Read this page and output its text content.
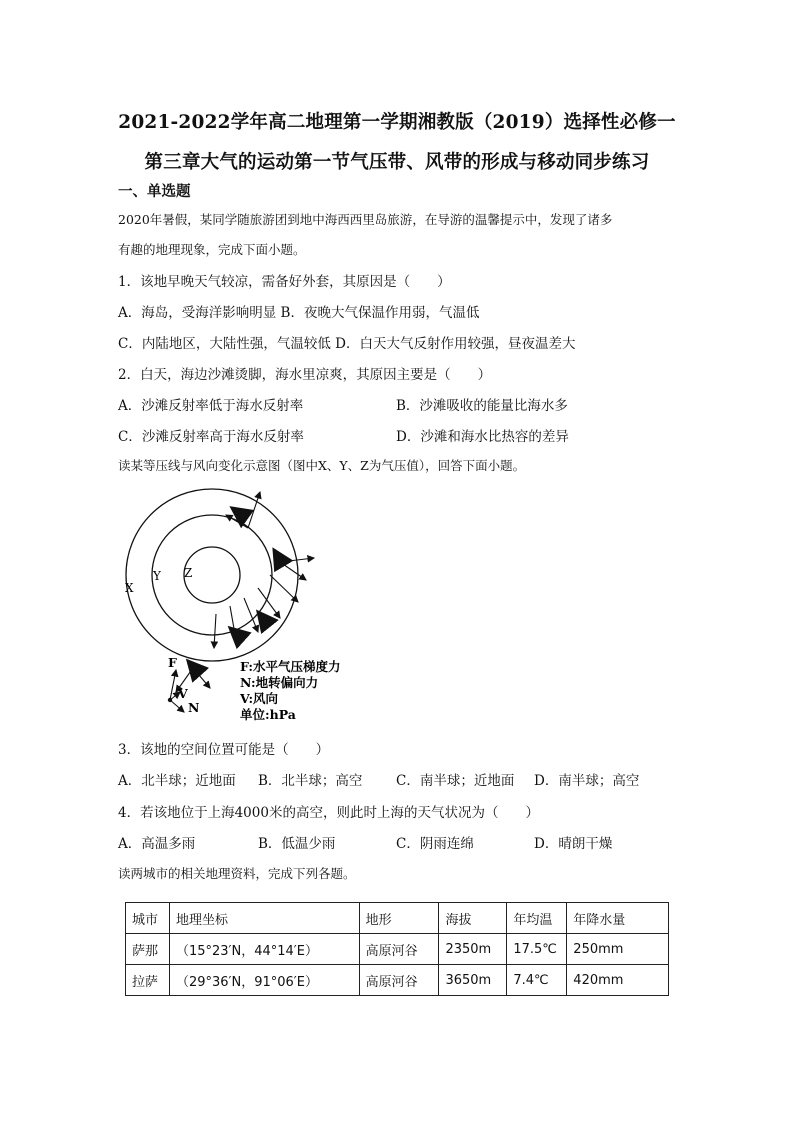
2021-2022学年高二地理第一学期湘教版（2019）选择性必修一
第三章大气的运动第一节气压带、风带的形成与移动同步练习
一、单选题
2020年暑假，某同学随旅游团到地中海西西里岛旅游，在导游的温馨提示中，发现了诸多
有趣的地理现象，完成下面小题。
1．该地早晚天气较凉，需备好外套，其原因是（　　）
A．海岛，受海洋影响明显 B．夜晚大气保温作用弱，气温低
C．内陆地区，大陆性强，气温较低 D．白天大气反射作用较强，昼夜温差大
2．白天，海边沙滩烫脚，海水里凉爽，其原因主要是（　　）
A．沙滩反射率低于海水反射率	B．沙滩吸收的能量比海水多
C．沙滩反射率高于海水反射率	D．沙滩和海水比热容的差异
读某等压线与风向变化示意图（图中X、Y、Z为气压值），回答下面小题。
X
Y Z
F
V
N
F:水平气压梯度力
N:地转偏向力
V:风向
单位:hPa
3．该地的空间位置可能是（　　）
A．北半球；近地面 B．北半球；高空 C．南半球；近地面 D．南半球；高空
4．若该地位于上海4000米的高空，则此时上海的天气状况为（　　）
A．高温多雨	B．低温少雨	C．阴雨连绵	D．晴朗干燥
读两城市的相关地理资料，完成下列各题。
城市	地理坐标	地形	海拔	年均温	年降水量
萨那	（15°23′N，44°14′E）	高原河谷	2350m	17.5℃	250mm
拉萨	（29°36′N，91°06′E）	高原河谷	3650m	7.4℃	420mm
